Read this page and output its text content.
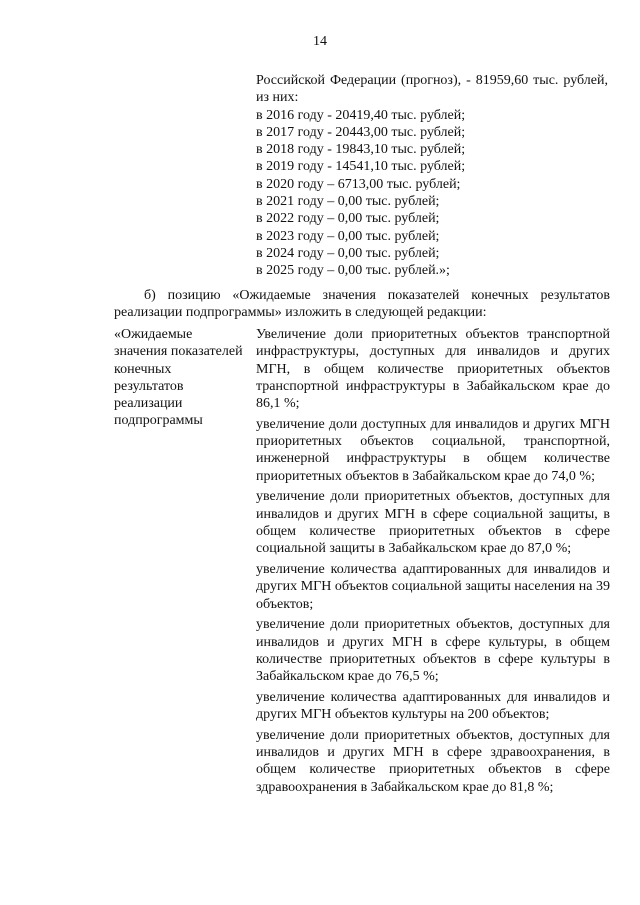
14

Российской Федерации (прогноз), - 81959,60 тыс. рублей, из них:

в 2016 году - 20419,40 тыс. рублей;
в 2017 году - 20443,00 тыс. рублей;
в 2018 году - 19843,10 тыс. рублей;
в 2019 году - 14541,10 тыс. рублей;
в 2020 году – 6713,00 тыс. рублей;
в 2021 году – 0,00 тыс. рублей;
в 2022 году – 0,00 тыс. рублей;
в 2023 году – 0,00 тыс. рублей;
в 2024 году – 0,00 тыс. рублей;
в 2025 году – 0,00 тыс. рублей.»;

б) позицию «Ожидаемые значения показателей конечных результатов реализации подпрограммы» изложить в следующей редакции:

«Ожидаемые
значения показателей
конечных
результатов
реализации
подпрограммы

Увеличение доли приоритетных объектов транспортной инфраструктуры, доступных для инвалидов и других МГН, в общем количестве приоритетных объектов транспортной инфраструктуры в Забайкальском крае до 86,1 %;

увеличение доли доступных для инвалидов и других МГН приоритетных объектов социальной, транспортной, инженерной инфраструктуры в общем количестве приоритетных объектов в Забайкальском крае до 74,0 %;

увеличение доли приоритетных объектов, доступных для инвалидов и других МГН в сфере социальной защиты, в общем количестве приоритетных объектов в сфере социальной защиты в Забайкальском крае до 87,0 %;

увеличение количества адаптированных для инвалидов и других МГН объектов социальной защиты населения на 39 объектов;

увеличение доли приоритетных объектов, доступных для инвалидов и других МГН в сфере культуры, в общем количестве приоритетных объектов в сфере культуры в Забайкальском крае до 76,5 %;

увеличение количества адаптированных для инвалидов и других МГН объектов культуры на 200 объектов;

увеличение доли приоритетных объектов, доступных для инвалидов и других МГН в сфере здравоохранения, в общем количестве приоритетных объектов в сфере здравоохранения в Забайкальском крае до 81,8 %;
